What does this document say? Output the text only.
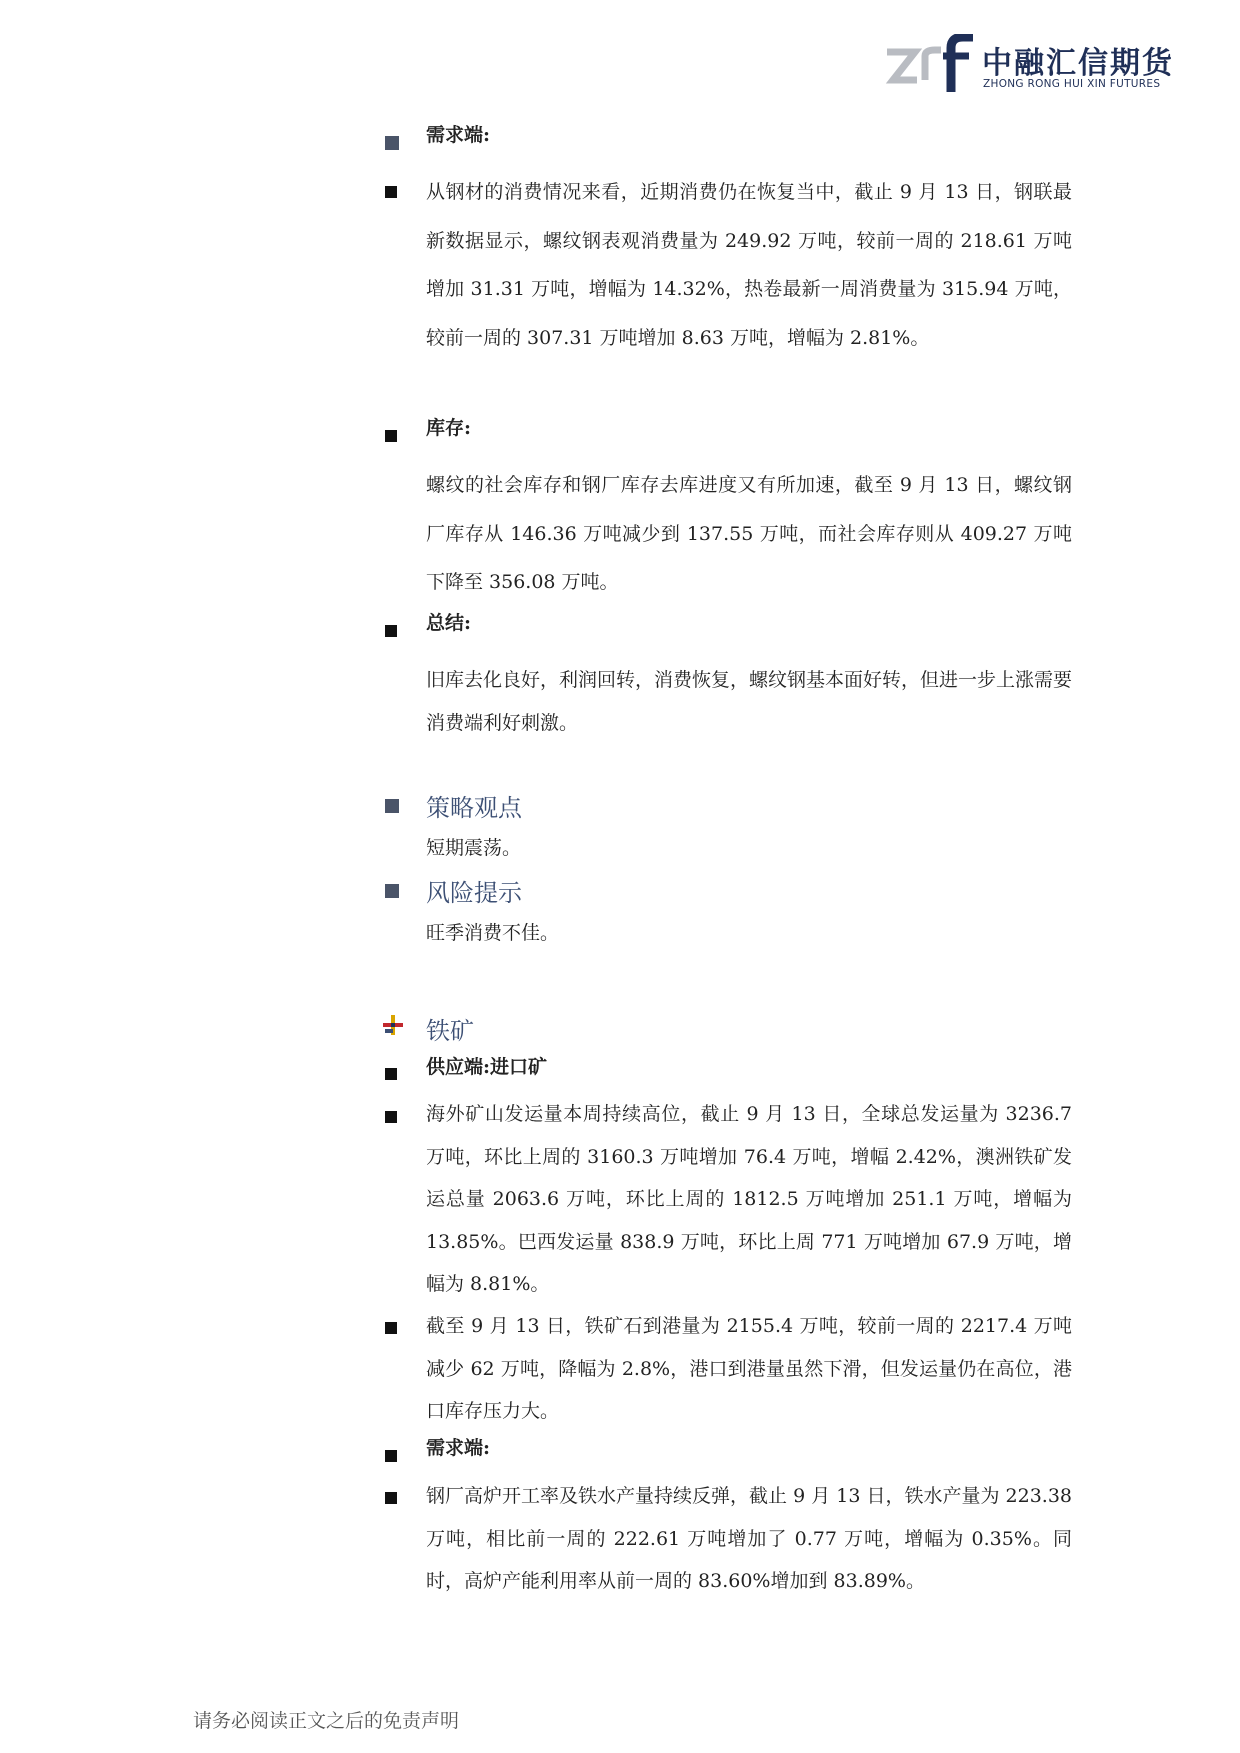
中融汇信期货
ZHONG RONG HUI XIN FUTURES
需求端:
从钢材的消费情况来看，近期消费仍在恢复当中，截止 9 月 13 日，钢联最新数据显示，螺纹钢表观消费量为 249.92 万吨，较前一周的 218.61 万吨增加 31.31 万吨，增幅为 14.32%，热卷最新一周消费量为 315.94 万吨，较前一周的 307.31 万吨增加 8.63 万吨，增幅为 2.81%。
库存:
螺纹的社会库存和钢厂库存去库进度又有所加速，截至 9 月 13 日，螺纹钢厂库存从 146.36 万吨减少到 137.55 万吨，而社会库存则从 409.27 万吨下降至 356.08 万吨。
总结:
旧库去化良好，利润回转，消费恢复，螺纹钢基本面好转，但进一步上涨需要消费端利好刺激。
策略观点
短期震荡。
风险提示
旺季消费不佳。
铁矿
供应端:进口矿
海外矿山发运量本周持续高位，截止 9 月 13 日，全球总发运量为 3236.7 万吨，环比上周的 3160.3 万吨增加 76.4 万吨，增幅 2.42%，澳洲铁矿发运总量 2063.6 万吨，环比上周的 1812.5 万吨增加 251.1 万吨，增幅为 13.85%。巴西发运量 838.9 万吨，环比上周 771 万吨增加 67.9 万吨，增幅为 8.81%。
截至 9 月 13 日，铁矿石到港量为 2155.4 万吨，较前一周的 2217.4 万吨减少 62 万吨，降幅为 2.8%，港口到港量虽然下滑，但发运量仍在高位，港口库存压力大。
需求端:
钢厂高炉开工率及铁水产量持续反弹，截止 9 月 13 日，铁水产量为 223.38 万吨，相比前一周的 222.61 万吨增加了 0.77 万吨，增幅为 0.35%。同时，高炉产能利用率从前一周的 83.60%增加到 83.89%。
请务必阅读正文之后的免责声明
